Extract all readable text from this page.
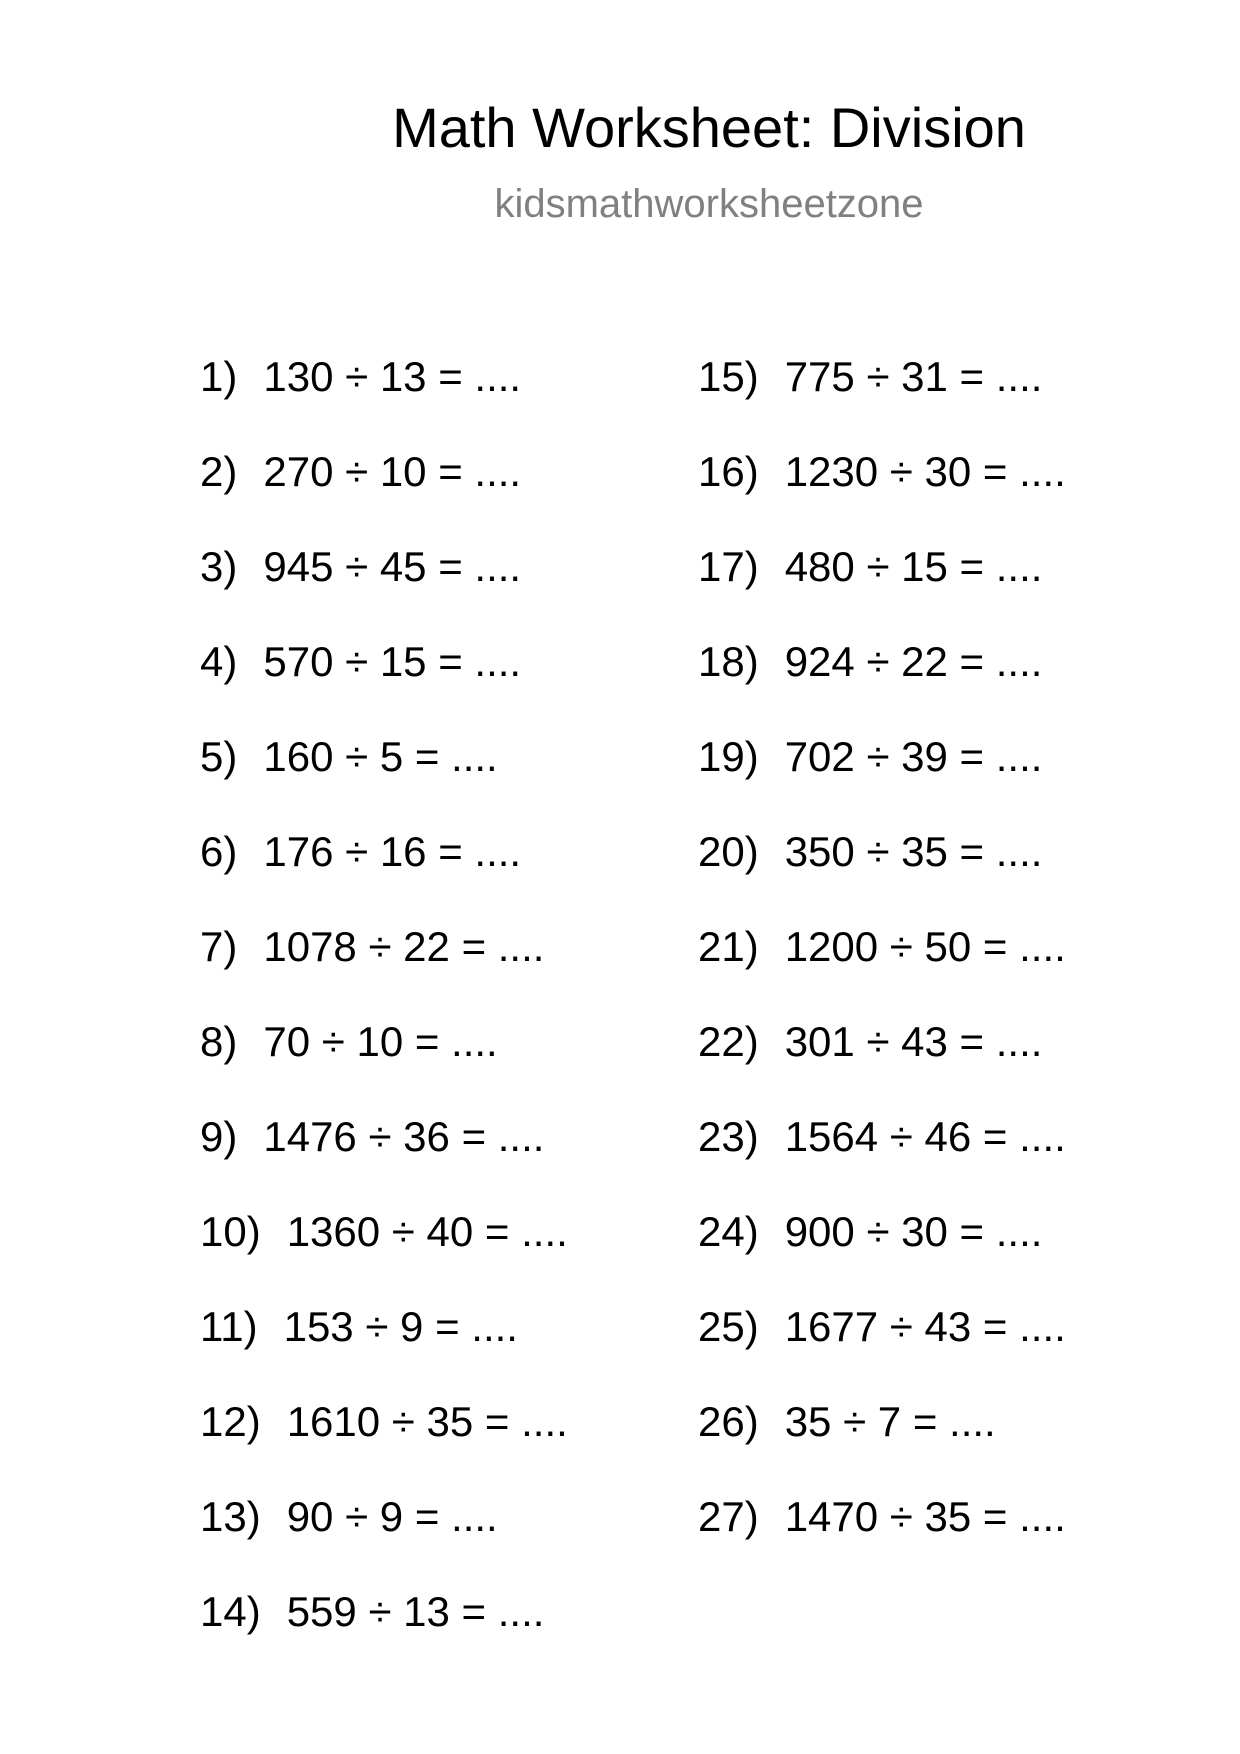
Math Worksheet: Division
kidsmathworksheetzone
1) 130 ÷ 13 = ....
2) 270 ÷ 10 = ....
3) 945 ÷ 45 = ....
4) 570 ÷ 15 = ....
5) 160 ÷ 5 = ....
6) 176 ÷ 16 = ....
7) 1078 ÷ 22 = ....
8) 70 ÷ 10 = ....
9) 1476 ÷ 36 = ....
10) 1360 ÷ 40 = ....
11) 153 ÷ 9 = ....
12) 1610 ÷ 35 = ....
13) 90 ÷ 9 = ....
14) 559 ÷ 13 = ....
15) 775 ÷ 31 = ....
16) 1230 ÷ 30 = ....
17) 480 ÷ 15 = ....
18) 924 ÷ 22 = ....
19) 702 ÷ 39 = ....
20) 350 ÷ 35 = ....
21) 1200 ÷ 50 = ....
22) 301 ÷ 43 = ....
23) 1564 ÷ 46 = ....
24) 900 ÷ 30 = ....
25) 1677 ÷ 43 = ....
26) 35 ÷ 7 = ....
27) 1470 ÷ 35 = ....
